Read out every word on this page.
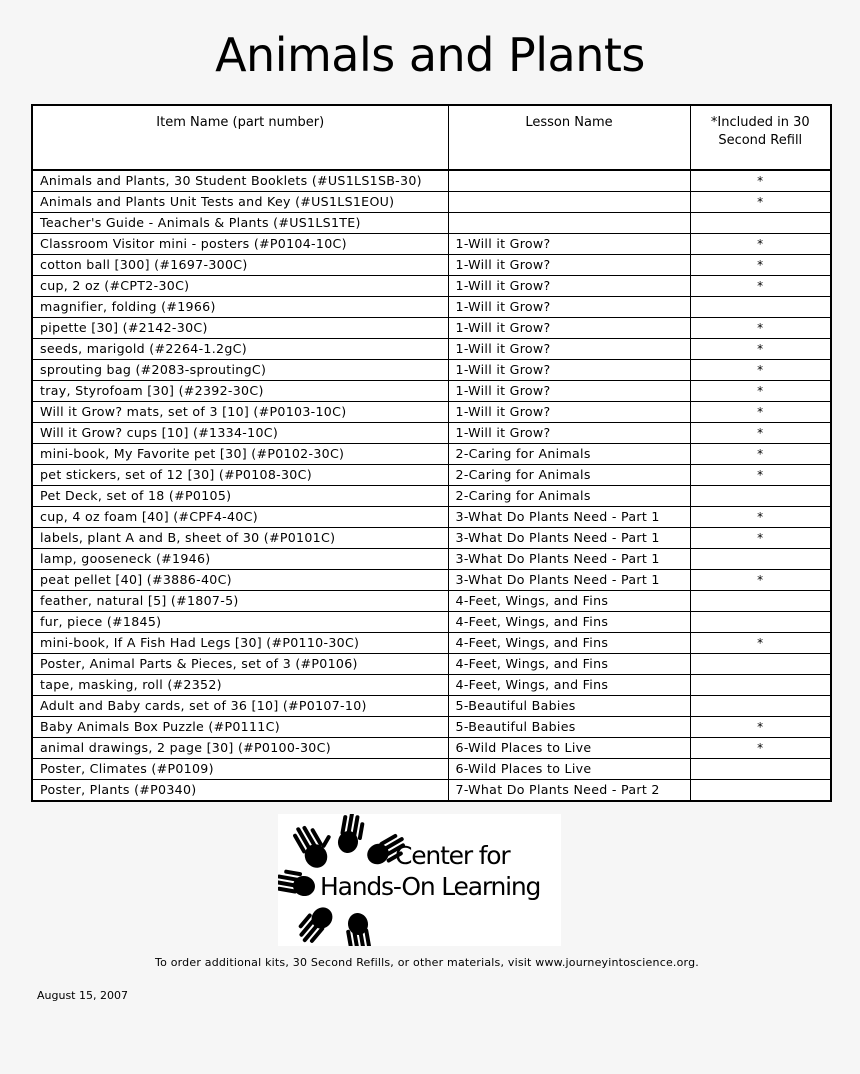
Animals and Plants
Item Name (part number)	Lesson Name	*Included in 30 Second Refill
Animals and Plants, 30 Student Booklets (#US1LS1SB-30)		*
Animals and Plants Unit Tests and Key (#US1LS1EOU)		*
Teacher's Guide - Animals & Plants (#US1LS1TE)		
Classroom Visitor mini - posters (#P0104-10C)	1-Will it Grow?	*
cotton ball [300] (#1697-300C)	1-Will it Grow?	*
cup, 2 oz (#CPT2-30C)	1-Will it Grow?	*
magnifier, folding (#1966)	1-Will it Grow?	
pipette [30] (#2142-30C)	1-Will it Grow?	*
seeds, marigold (#2264-1.2gC)	1-Will it Grow?	*
sprouting bag (#2083-sproutingC)	1-Will it Grow?	*
tray, Styrofoam [30] (#2392-30C)	1-Will it Grow?	*
Will it Grow? mats, set of 3 [10] (#P0103-10C)	1-Will it Grow?	*
Will it Grow? cups [10] (#1334-10C)	1-Will it Grow?	*
mini-book, My Favorite pet [30] (#P0102-30C)	2-Caring for Animals	*
pet stickers, set of 12 [30] (#P0108-30C)	2-Caring for Animals	*
Pet Deck, set of 18 (#P0105)	2-Caring for Animals	
cup, 4 oz foam [40] (#CPF4-40C)	3-What Do Plants Need - Part 1	*
labels, plant A and B, sheet of 30 (#P0101C)	3-What Do Plants Need - Part 1	*
lamp, gooseneck (#1946)	3-What Do Plants Need - Part 1	
peat pellet [40] (#3886-40C)	3-What Do Plants Need - Part 1	*
feather, natural [5] (#1807-5)	4-Feet, Wings, and Fins	
fur, piece (#1845)	4-Feet, Wings, and Fins	
mini-book, If A Fish Had Legs [30] (#P0110-30C)	4-Feet, Wings, and Fins	*
Poster, Animal Parts & Pieces, set of 3 (#P0106)	4-Feet, Wings, and Fins	
tape, masking, roll (#2352)	4-Feet, Wings, and Fins	
Adult and Baby cards, set of 36 [10] (#P0107-10)	5-Beautiful Babies	
Baby Animals Box Puzzle (#P0111C)	5-Beautiful Babies	*
animal drawings, 2 page [30] (#P0100-30C)	6-Wild Places to Live	*
Poster, Climates (#P0109)	6-Wild Places to Live	
Poster, Plants (#P0340)	7-What Do Plants Need - Part 2	
Center for
Hands-On Learning
To order additional kits, 30 Second Refills, or other materials, visit www.journeyintoscience.org.
August 15, 2007
